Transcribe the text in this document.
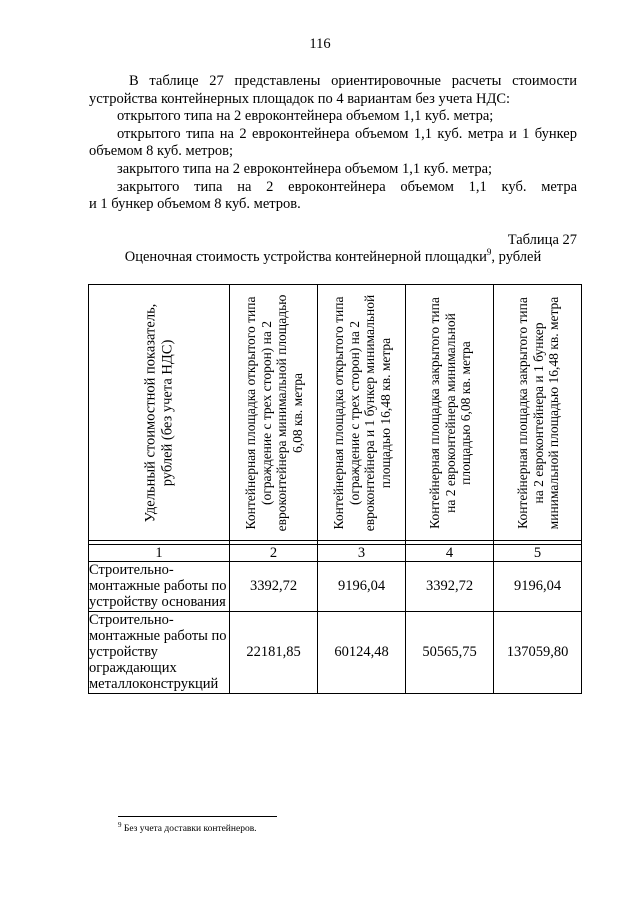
116

В таблице 27 представлены ориентировочные расчеты стоимости

устройства контейнерных площадок по 4 вариантам без учета НДС:

открытого типа на 2 евроконтейнера объемом 1,1 куб. метра;

открытого типа на 2 евроконтейнера объемом 1,1 куб. метра и 1 бункер

объемом 8 куб. метров;

закрытого типа на 2 евроконтейнера объемом 1,1 куб. метра;

закрытого типа на 2 евроконтейнера объемом 1,1 куб. метра

и 1 бункер объемом 8 куб. метров.

Таблица 27
Оценочная стоимость устройства контейнерной площадки$^9$, рублей
Удельный стоимостной показатель, рублей (без учета НДС)	Контейнерная площадка открытого типа (ограждение с трех сторон) на 2 евроконтейнера минимальной площадью 6,08 кв. метра	Контейнерная площадка открытого типа (ограждение с трех сторон) на 2 евроконтейнера и 1 бункер минимальной площадью 16,48 кв. метра	Контейнерная площадка закрытого типа на 2 евроконтейнера минимальной площадью 6,08 кв. метра	Контейнерная площадка закрытого типа на 2 евроконтейнера и 1 бункер минимальной площадью 16,48 кв. метра

1	2	3	4	5
Строительно-монтажные работы по устройству основания	3392,72	9196,04	3392,72	9196,04
Строительно-монтажные работы по устройству ограждающих металлоконструкций	22181,85	60124,48	50565,75	137059,80
$^9$ Без учета доставки контейнеров.
